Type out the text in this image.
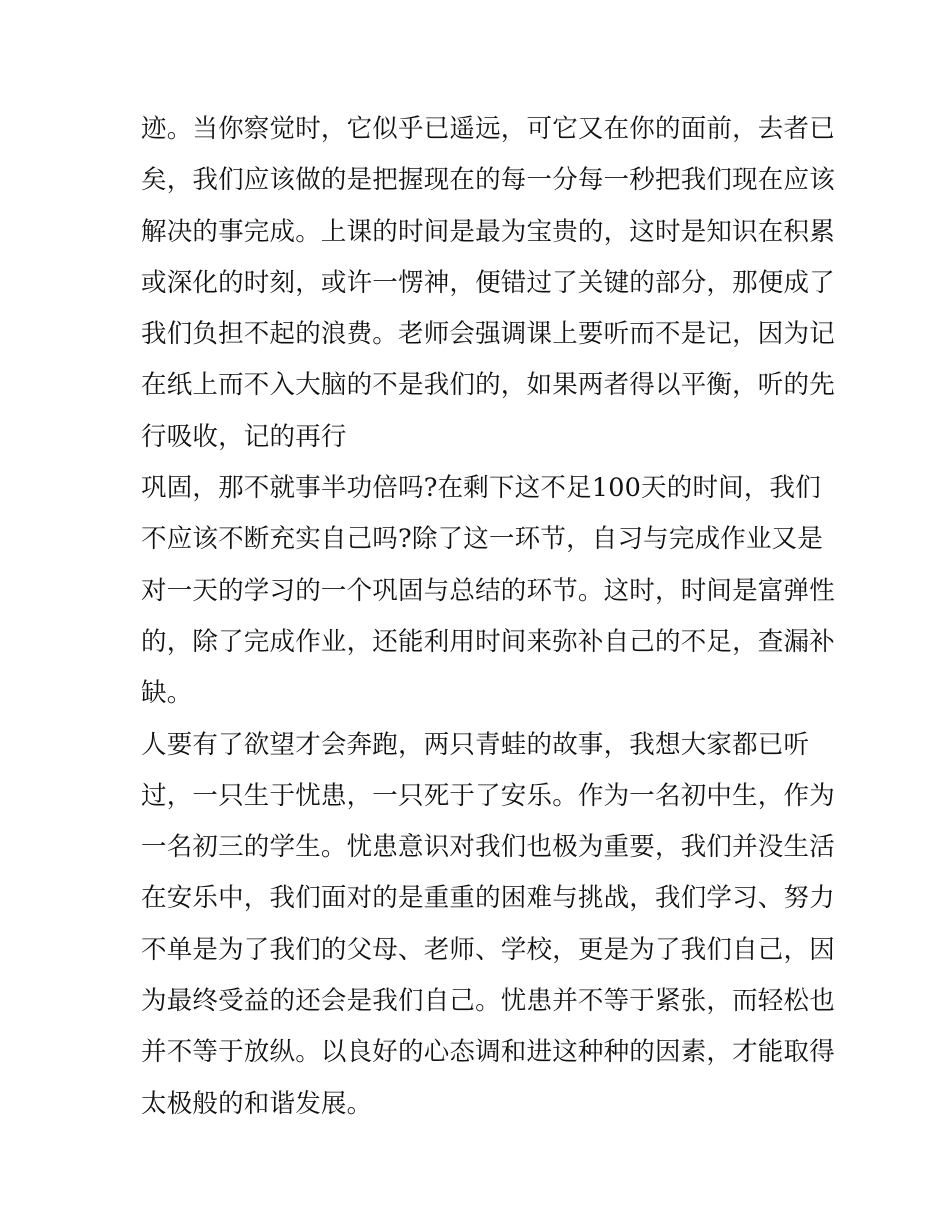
迹。当你察觉时，它似乎已遥远，可它又在你的面前，去者已
矣，我们应该做的是把握现在的每一分每一秒把我们现在应该
解决的事完成。上课的时间是最为宝贵的，这时是知识在积累
或深化的时刻，或许一愣神，便错过了关键的部分，那便成了
我们负担不起的浪费。老师会强调课上要听而不是记，因为记
在纸上而不入大脑的不是我们的，如果两者得以平衡，听的先
行吸收，记的再行
巩固，那不就事半功倍吗?在剩下这不足100天的时间，我们
不应该不断充实自己吗?除了这一环节，自习与完成作业又是
对一天的学习的一个巩固与总结的环节。这时，时间是富弹性
的，除了完成作业，还能利用时间来弥补自己的不足，查漏补
缺。
人要有了欲望才会奔跑，两只青蛙的故事，我想大家都已听
过，一只生于忧患，一只死于了安乐。作为一名初中生，作为
一名初三的学生。忧患意识对我们也极为重要，我们并没生活
在安乐中，我们面对的是重重的困难与挑战，我们学习、努力
不单是为了我们的父母、老师、学校，更是为了我们自己，因
为最终受益的还会是我们自己。忧患并不等于紧张，而轻松也
并不等于放纵。以良好的心态调和进这种种的因素，才能取得
太极般的和谐发展。
